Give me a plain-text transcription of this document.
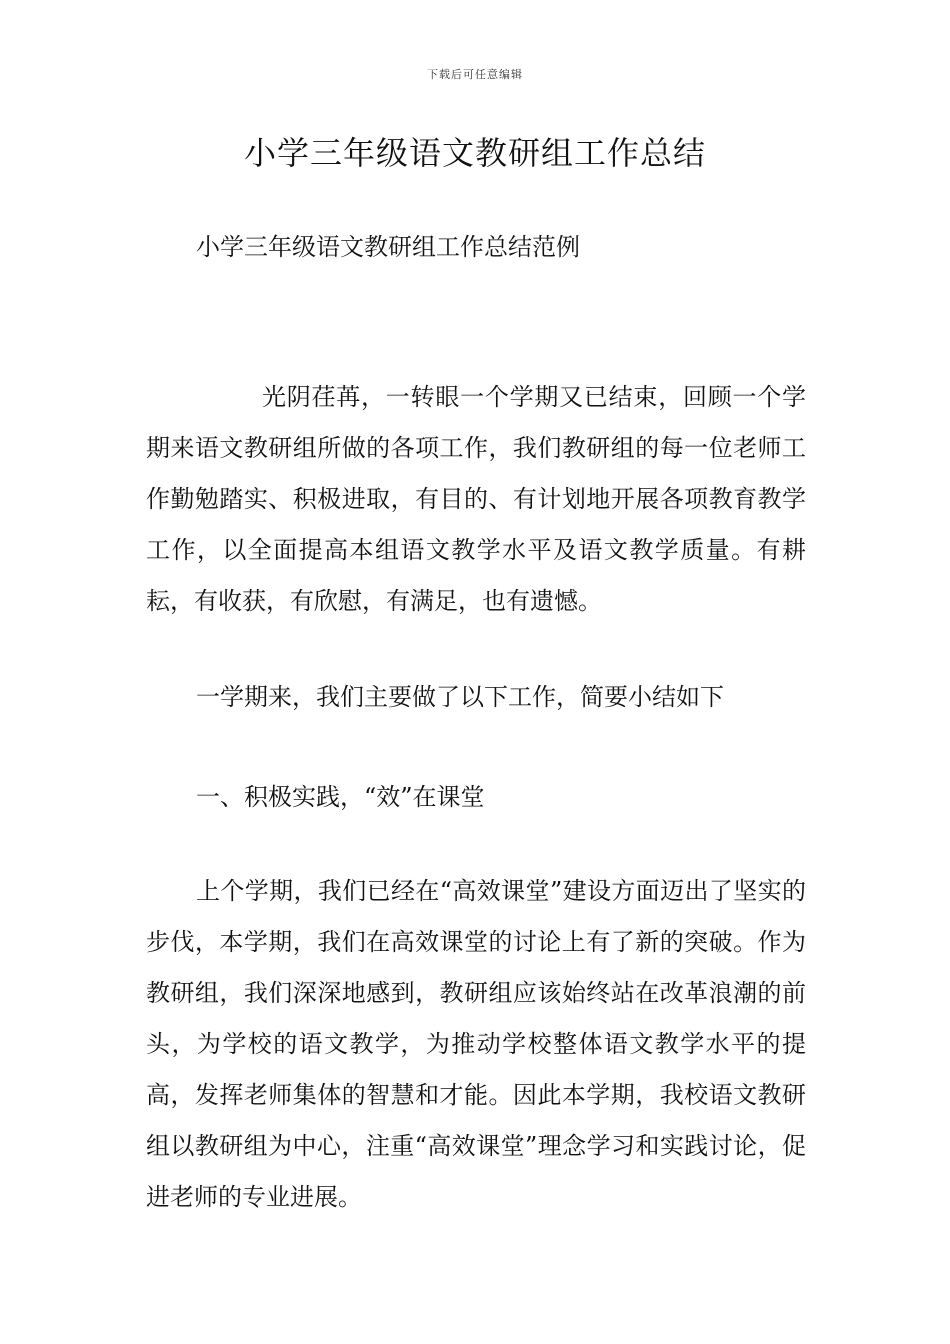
下载后可任意编辑
小学三年级语文教研组工作总结

小学三年级语文教研组工作总结范例

光阴荏苒，一转眼一个学期又已结束，回顾一个学期来语文教研组所做的各项工作，我们教研组的每一位老师工作勤勉踏实、积极进取，有目的、有计划地开展各项教育教学工作，以全面提高本组语文教学水平及语文教学质量。有耕耘，有收获，有欣慰，有满足，也有遗憾。

一学期来，我们主要做了以下工作，简要小结如下

一、积极实践，“效”在课堂

上个学期，我们已经在“高效课堂”建设方面迈出了坚实的步伐，本学期，我们在高效课堂的讨论上有了新的突破。作为教研组，我们深深地感到，教研组应该始终站在改革浪潮的前头，为学校的语文教学，为推动学校整体语文教学水平的提高，发挥老师集体的智慧和才能。因此本学期，我校语文教研组以教研组为中心，注重“高效课堂”理念学习和实践讨论，促进老师的专业进展。
